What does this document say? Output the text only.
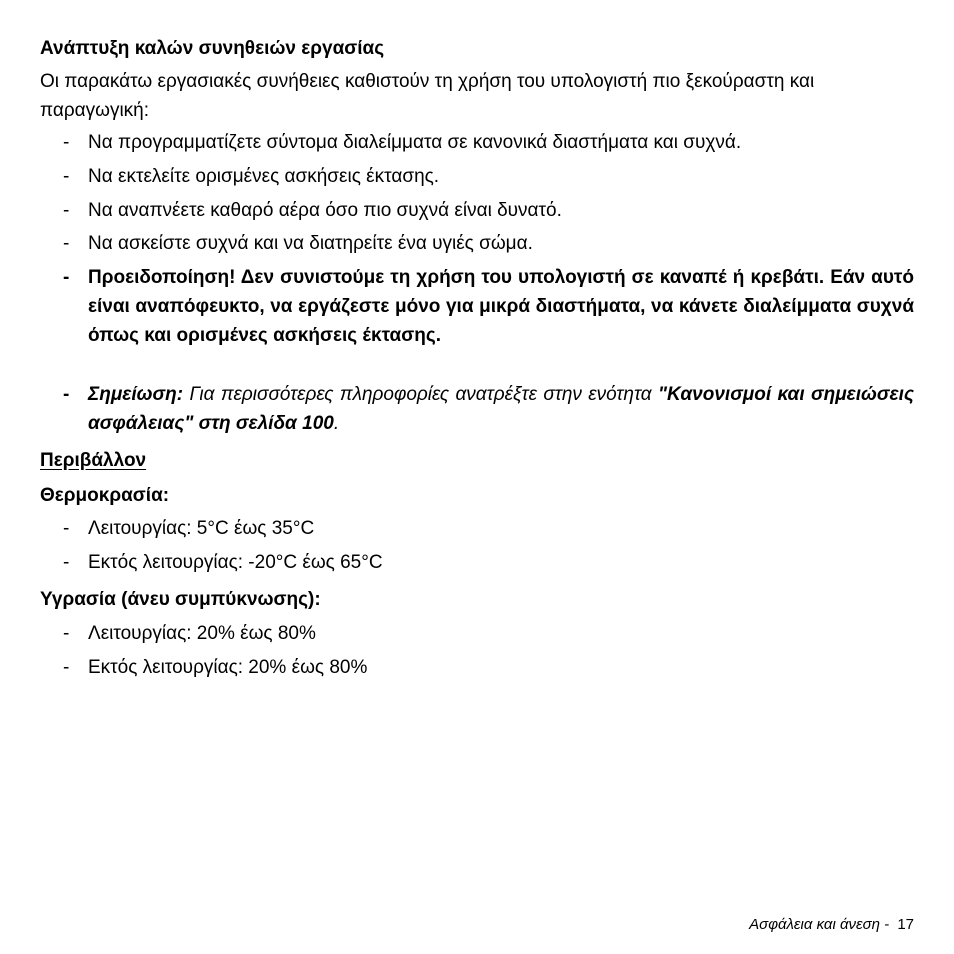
Ανάπτυξη καλών συνηθειών εργασίας
Οι παρακάτω εργασιακές συνήθειες καθιστούν τη χρήση του υπολογιστή πιο ξεκούραστη και παραγωγική:
- Να προγραμματίζετε σύντομα διαλείμματα σε κανονικά διαστήματα και συχνά.
- Να εκτελείτε ορισμένες ασκήσεις έκτασης.
- Να αναπνέετε καθαρό αέρα όσο πιο συχνά είναι δυνατό.
- Να ασκείστε συχνά και να διατηρείτε ένα υγιές σώμα.
- Προειδοποίηση! Δεν συνιστούμε τη χρήση του υπολογιστή σε καναπέ ή κρεβάτι. Εάν αυτό είναι αναπόφευκτο, να εργάζεστε μόνο για μικρά διαστήματα, να κάνετε διαλείμματα συχνά όπως και ορισμένες ασκήσεις έκτασης.
- Σημείωση: Για περισσότερες πληροφορίες ανατρέξτε στην ενότητα "Κανονισμοί και σημειώσεις ασφάλειας" στη σελίδα 100.
Περιβάλλον
Θερμοκρασία:
- Λειτουργίας: 5°C έως 35°C
- Εκτός λειτουργίας: -20°C έως 65°C
Υγρασία (άνευ συμπύκνωσης):
- Λειτουργίας: 20% έως 80%
- Εκτός λειτουργίας: 20% έως 80%
Ασφάλεια και άνεση - 17
